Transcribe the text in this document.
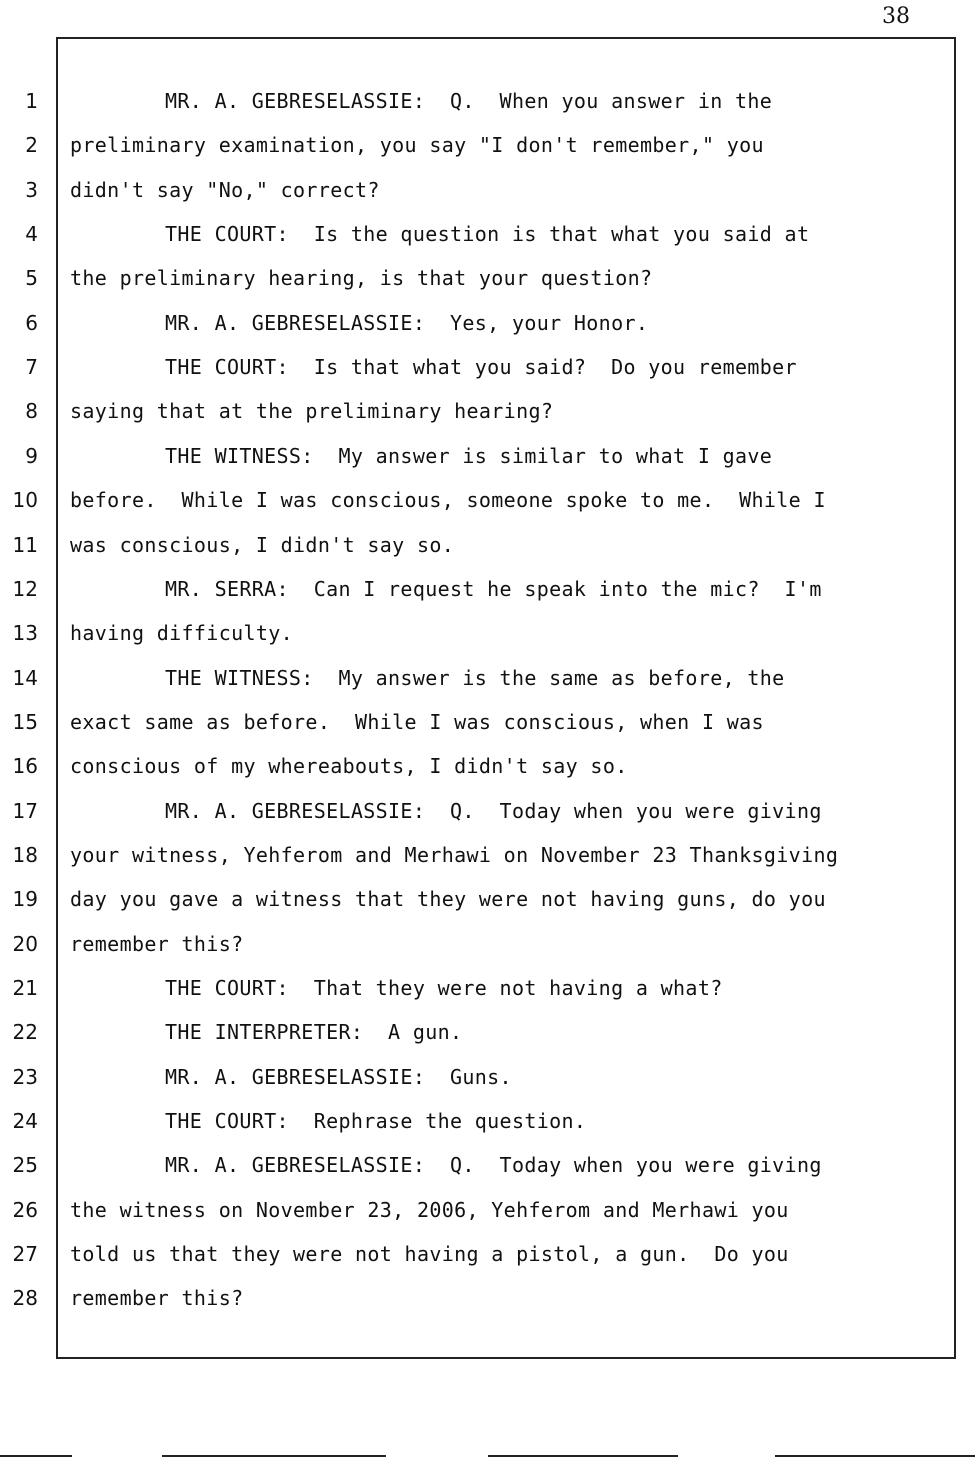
38
1	MR. A. GEBRESELASSIE:  Q.  When you answer in the
2 preliminary examination, you say "I don't remember," you
3 didn't say "No," correct?
4	THE COURT:  Is the question is that what you said at
5 the preliminary hearing, is that your question?
6	MR. A. GEBRESELASSIE:  Yes, your Honor.
7	THE COURT:  Is that what you said?  Do you remember
8 saying that at the preliminary hearing?
9	THE WITNESS:  My answer is similar to what I gave
10 before.  While I was conscious, someone spoke to me.  While I
11 was conscious, I didn't say so.
12	MR. SERRA:  Can I request he speak into the mic?  I'm
13 having difficulty.
14	THE WITNESS:  My answer is the same as before, the
15 exact same as before.  While I was conscious, when I was
16 conscious of my whereabouts, I didn't say so.
17	MR. A. GEBRESELASSIE:  Q.  Today when you were giving
18 your witness, Yehferom and Merhawi on November 23 Thanksgiving
19 day you gave a witness that they were not having guns, do you
20 remember this?
21	THE COURT:  That they were not having a what?
22	THE INTERPRETER:  A gun.
23	MR. A. GEBRESELASSIE:  Guns.
24	THE COURT:  Rephrase the question.
25	MR. A. GEBRESELASSIE:  Q.  Today when you were giving
26 the witness on November 23, 2006, Yehferom and Merhawi you
27 told us that they were not having a pistol, a gun.  Do you
28 remember this?
